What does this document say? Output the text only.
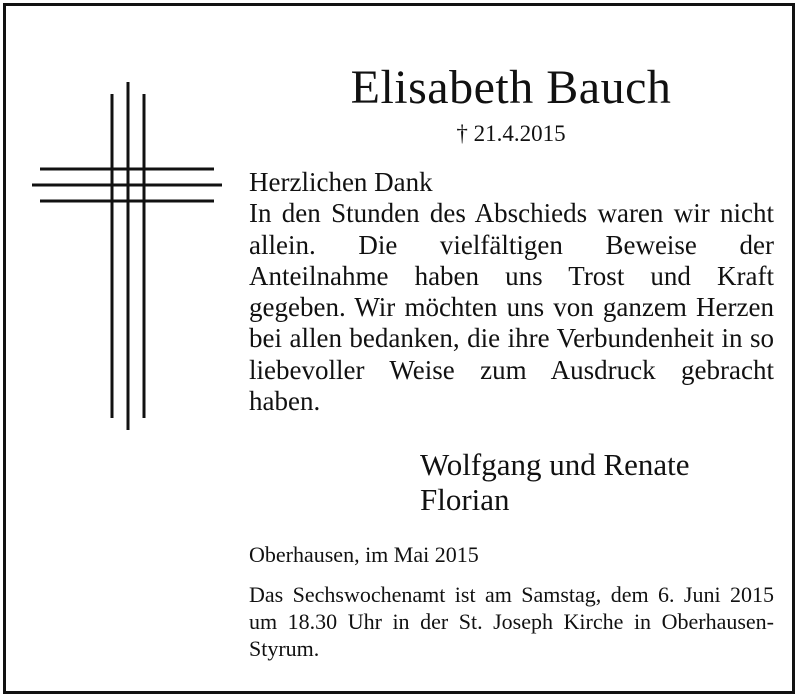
Elisabeth Bauch
† 21.4.2015
Herzlichen Dank
In den Stunden des Abschieds waren wir nicht allein. Die vielfältigen Beweise der Anteilnahme haben uns Trost und Kraft gegeben. Wir möchten uns von ganzem Herzen bei allen bedanken, die ihre Verbundenheit in so liebevoller Weise zum Ausdruck gebracht haben.
Wolfgang und Renate
Florian
Oberhausen, im Mai 2015
Das Sechswochenamt ist am Samstag, dem 6. Juni 2015 um 18.30 Uhr in der St. Joseph Kirche in Oberhausen-Styrum.
